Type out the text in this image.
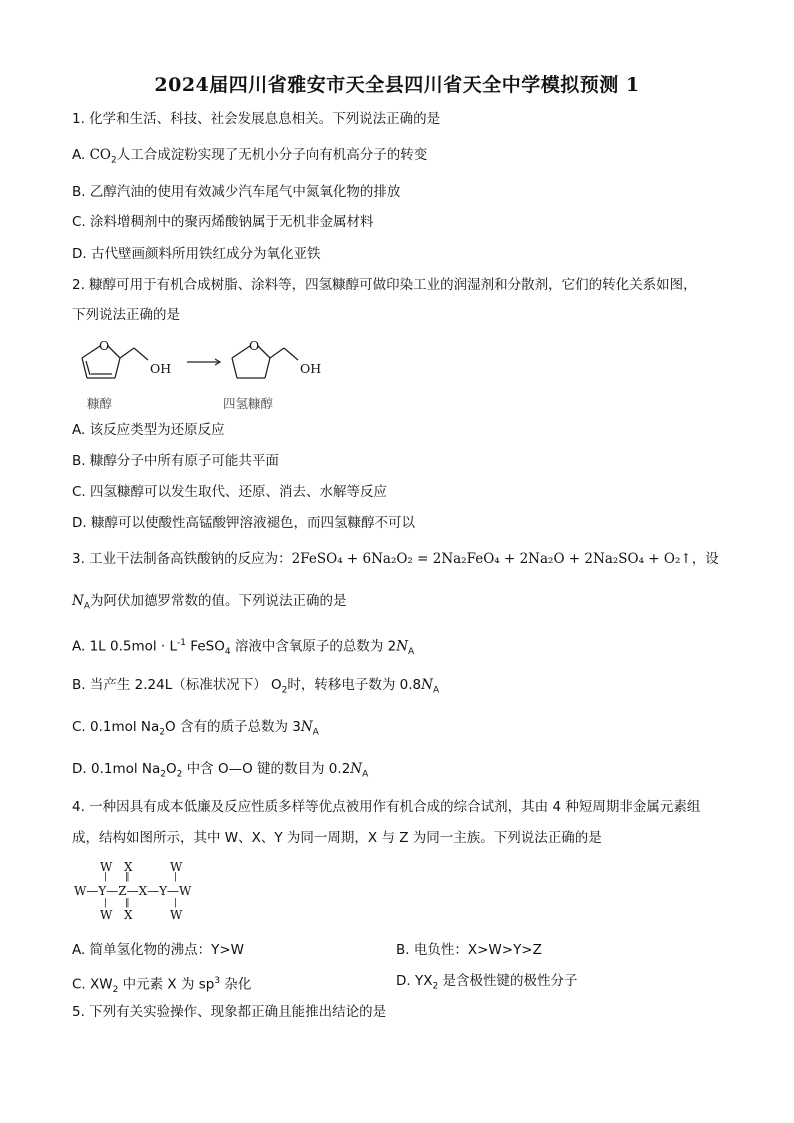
2024届四川省雅安市天全县四川省天全中学模拟预测 1
1. 化学和生活、科技、社会发展息息相关。下列说法正确的是
A. $CO_2$人工合成淀粉实现了无机小分子向有机高分子的转变
B. 乙醇汽油的使用有效减少汽车尾气中氮氧化物的排放
C. 涂料增稠剂中的聚丙烯酸钠属于无机非金属材料
D. 古代壁画颜料所用铁红成分为氧化亚铁
2. 糠醇可用于有机合成树脂、涂料等，四氢糠醇可做印染工业的润湿剂和分散剂，它们的转化关系如图，
下列说法正确的是
O
OH
O
OH
糠醇	四氢糠醇
A. 该反应类型为还原反应
B. 糠醇分子中所有原子可能共平面
C. 四氢糠醇可以发生取代、还原、消去、水解等反应
D. 糠醇可以使酸性高锰酸钾溶液褪色，而四氢糠醇不可以
3. 工业干法制备高铁酸钠的反应为：2FeSO₄ + 6Na₂O₂ = 2Na₂FeO₄ + 2Na₂O + 2Na₂SO₄ + O₂↑，设
$N_A$为阿伏加德罗常数的值。下列说法正确的是
A. 1L $0.5mol \cdot L^{-1}$ FeSO$_4$ 溶液中含氧原子的总数为 $2N_A$
B. 当产生 2.24L（标准状况下） $O_2$时，转移电子数为 $0.8N_A$
C. 0.1mol $Na_2O$ 含有的质子总数为 $3N_A$
D. 0.1mol $Na_2O_2$ 中含 O—O 键的数目为 $0.2N_A$
4. 一种因具有成本低廉及反应性质多样等优点被用作有机合成的综合试剂，其由 4 种短周期非金属元素组
成，结构如图所示，其中 W、X、Y 为同一周期，X 与 Z 为同一主族。下列说法正确的是
W X	W
| ‖	|
W—Y—Z—X—Y—W
| ‖	|
W X	W
A. 简单氢化物的沸点：Y>W	B. 电负性：X>W>Y>Z
C. $XW_2$ 中元素 X 为 $sp^3$ 杂化	D. $YX_2$ 是含极性键的极性分子
5. 下列有关实验操作、现象都正确且能推出结论的是
